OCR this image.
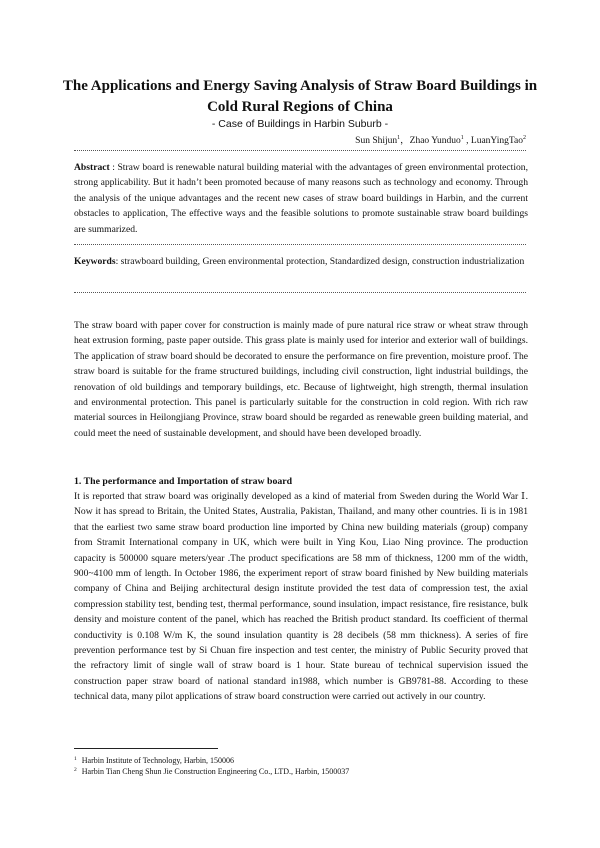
The Applications and Energy Saving Analysis of Straw Board Buildings in
Cold Rural Regions of China
- Case of Buildings in Harbin Suburb -
Sun Shijun$^1$，Zhao Yunduo$^1$ , LuanYingTao$^2$

Abstract : Straw board is renewable natural building material with the advantages of green environmental protection, strong applicability. But it hadn’t been promoted because of many reasons such as technology and economy. Through the analysis of the unique advantages and the recent new cases of straw board buildings in Harbin, and the current obstacles to application, The effective ways and the feasible solutions to promote sustainable straw board buildings are summarized.

Keywords: strawboard building, Green environmental protection, Standardized design, construction industrialization

The straw board with paper cover for construction is mainly made of pure natural rice straw or wheat straw through heat extrusion forming, paste paper outside. This grass plate is mainly used for interior and exterior wall of buildings. The application of straw board should be decorated to ensure the performance on fire prevention, moisture proof. The straw board is suitable for the frame structured buildings, including civil construction, light industrial buildings, the renovation of old buildings and temporary buildings, etc. Because of lightweight, high strength, thermal insulation and environmental protection. This panel is particularly suitable for the construction in cold region. With rich raw material sources in Heilongjiang Province, straw board should be regarded as renewable green building material, and could meet the need of sustainable development, and should have been developed broadly.

1. The performance and Importation of straw board

It is reported that straw board was originally developed as a kind of material from Sweden during the World War Ⅰ. Now it has spread to Britain, the United States, Australia, Pakistan, Thailand, and many other countries. Ii is in 1981 that the earliest two same straw board production line imported by China new building materials (group) company from Stramit International company in UK, which were built in Ying Kou, Liao Ning province. The production capacity is 500000 square meters/year .The product specifications are 58 mm of thickness, 1200 mm of the width, 900~4100 mm of length. In October 1986, the experiment report of straw board finished by New building materials company of China and Beijing architectural design institute provided the test data of compression test, the axial compression stability test, bending test, thermal performance, sound insulation, impact resistance, fire resistance, bulk density and moisture content of the panel, which has reached the British product standard. Its coefficient of thermal conductivity is 0.108 W/m K, the sound insulation quantity is 28 decibels (58 mm thickness). A series of fire prevention performance test by Si Chuan fire inspection and test center, the ministry of Public Security proved that the refractory limit of single wall of straw board is 1 hour. State bureau of technical supervision issued the construction paper straw board of national standard in1988, which number is GB9781-88. According to these technical data, many pilot applications of straw board construction were carried out actively in our country.

$^1$ Harbin Institute of Technology, Harbin, 150006
$^2$ Harbin Tian Cheng Shun Jie Construction Engineering Co., LTD., Harbin, 1500037
